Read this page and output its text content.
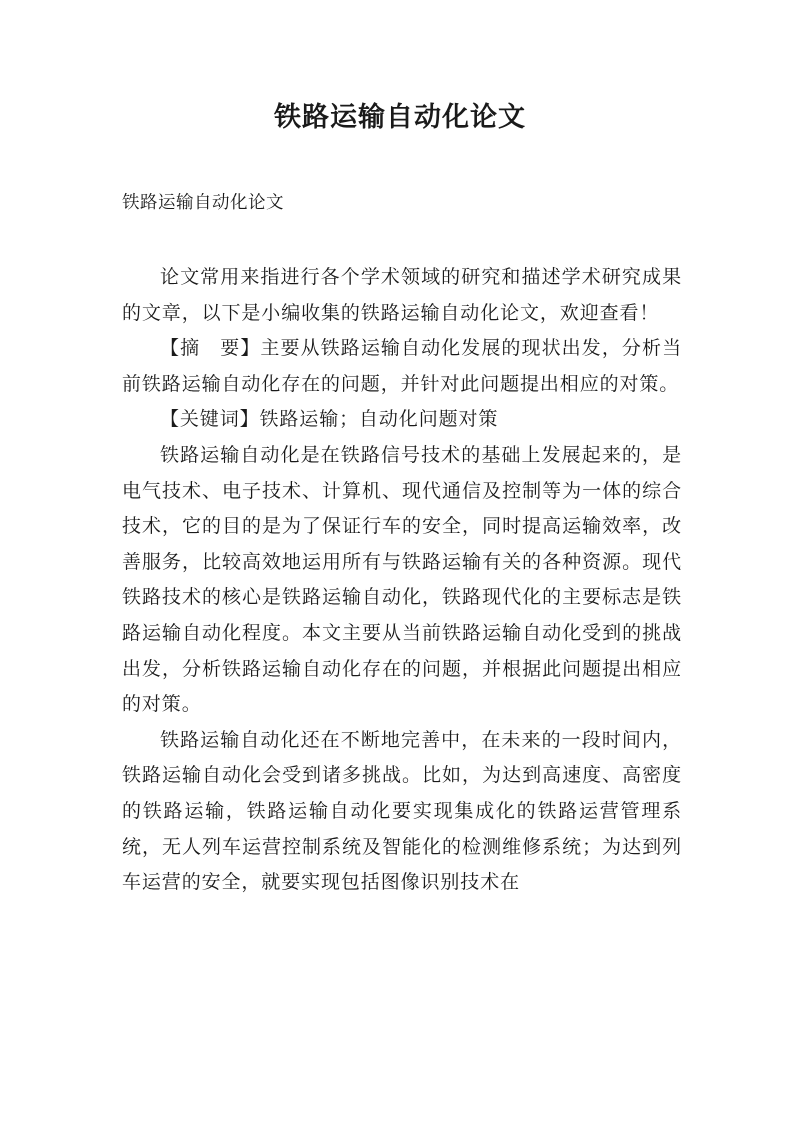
铁路运输自动化论文

铁路运输自动化论文

论文常用来指进行各个学术领域的研究和描述学术研究成果的文章，以下是小编收集的铁路运输自动化论文，欢迎查看！

【摘　要】主要从铁路运输自动化发展的现状出发，分析当前铁路运输自动化存在的问题，并针对此问题提出相应的对策。

【关键词】铁路运输；自动化问题对策

铁路运输自动化是在铁路信号技术的基础上发展起来的，是电气技术、电子技术、计算机、现代通信及控制等为一体的综合技术，它的目的是为了保证行车的安全，同时提高运输效率，改善服务，比较高效地运用所有与铁路运输有关的各种资源。现代铁路技术的核心是铁路运输自动化，铁路现代化的主要标志是铁路运输自动化程度。本文主要从当前铁路运输自动化受到的挑战出发，分析铁路运输自动化存在的问题，并根据此问题提出相应的对策。

铁路运输自动化还在不断地完善中，在未来的一段时间内，铁路运输自动化会受到诸多挑战。比如，为达到高速度、高密度的铁路运输，铁路运输自动化要实现集成化的铁路运营管理系统，无人列车运营控制系统及智能化的检测维修系统；为达到列车运营的安全，就要实现包括图像识别技术在
